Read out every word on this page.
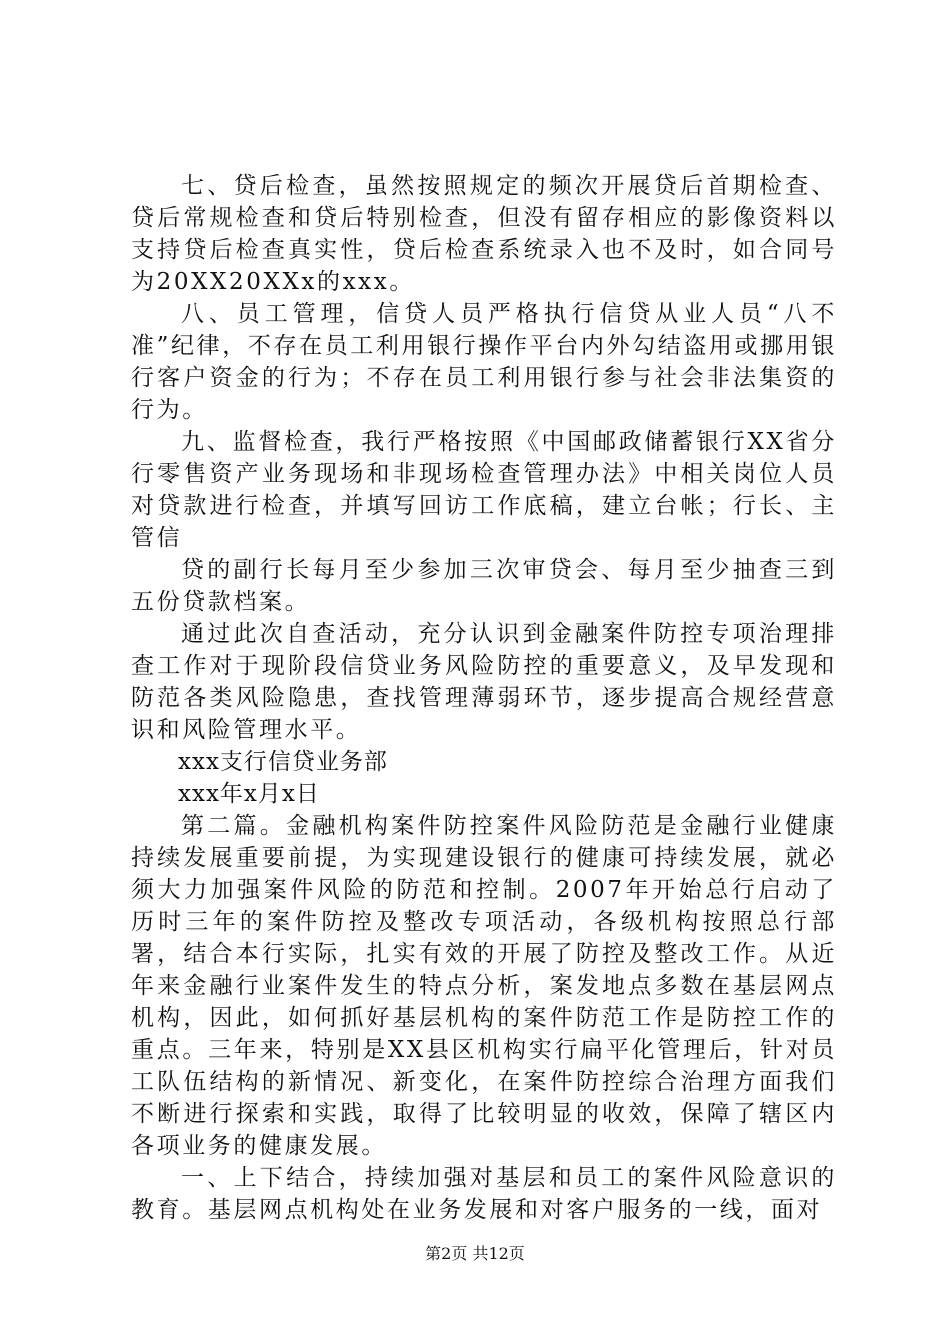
七、贷后检查，虽然按照规定的频次开展贷后首期检查、贷后常规检查和贷后特别检查，但没有留存相应的影像资料以支持贷后检查真实性，贷后检查系统录入也不及时，如合同号为20XX20XXx的xxx。

八、员工管理，信贷人员严格执行信贷从业人员“八不准”纪律，不存在员工利用银行操作平台内外勾结盗用或挪用银行客户资金的行为；不存在员工利用银行参与社会非法集资的行为。

九、监督检查，我行严格按照《中国邮政储蓄银行XX省分行零售资产业务现场和非现场检查管理办法》中相关岗位人员对贷款进行检查，并填写回访工作底稿，建立台帐；行长、主管信

贷的副行长每月至少参加三次审贷会、每月至少抽查三到五份贷款档案。

通过此次自查活动，充分认识到金融案件防控专项治理排查工作对于现阶段信贷业务风险防控的重要意义，及早发现和防范各类风险隐患，查找管理薄弱环节，逐步提高合规经营意识和风险管理水平。

xxx支行信贷业务部

xxx年x月x日

第二篇。金融机构案件防控案件风险防范是金融行业健康持续发展重要前提，为实现建设银行的健康可持续发展，就必须大力加强案件风险的防范和控制。2007年开始总行启动了历时三年的案件防控及整改专项活动，各级机构按照总行部署，结合本行实际，扎实有效的开展了防控及整改工作。从近年来金融行业案件发生的特点分析，案发地点多数在基层网点机构，因此，如何抓好基层机构的案件防范工作是防控工作的重点。三年来，特别是XX县区机构实行扁平化管理后，针对员工队伍结构的新情况、新变化，在案件防控综合治理方面我们不断进行探索和实践，取得了比较明显的收效，保障了辖区内各项业务的健康发展。

一、上下结合，持续加强对基层和员工的案件风险意识的教育。基层网点机构处在业务发展和对客户服务的一线，面对

第2页 共12页
